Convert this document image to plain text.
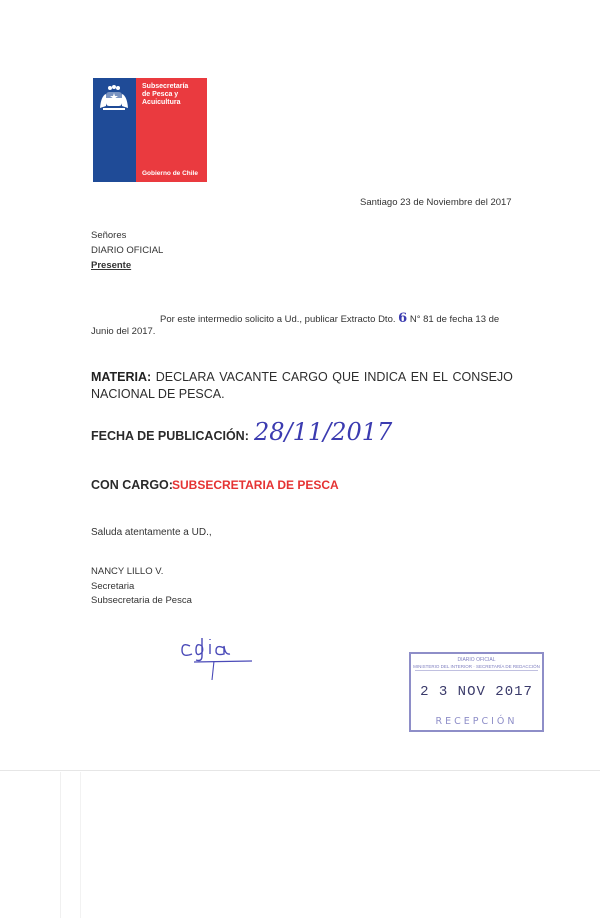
Subsecretaría
de Pesca y
Acuicultura
Gobierno de Chile
Santiago 23 de Noviembre del 2017
Señores
DIARIO OFICIAL
Presente
Por este intermedio solicito a Ud., publicar Extracto Dto. 6 N° 81 de fecha 13 de
Junio del 2017.
MATERIA: DECLARA VACANTE CARGO QUE INDICA EN EL CONSEJO
NACIONAL DE PESCA.
FECHA DE PUBLICACIÓN: 28/11/2017
CON CARGO: SUBSECRETARIA DE PESCA
Saluda atentamente a UD.,
NANCY LILLO V.
Secretaria
Subsecretaria de Pesca
DIARIO OFICIAL
MINISTERIO DEL INTERIOR · SECRETARÍA DE REDACCIÓN
2 3 NOV 2017
RECEPCIÓN
